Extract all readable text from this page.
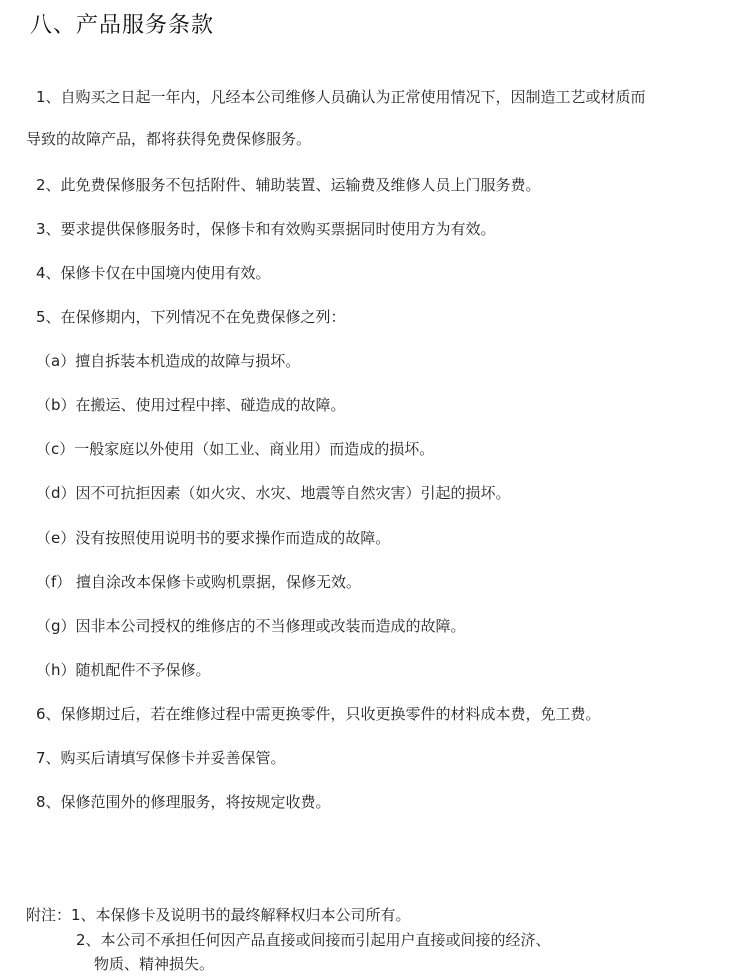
八、产品服务条款
1、自购买之日起一年内，凡经本公司维修人员确认为正常使用情况下，因制造工艺或材质而
导致的故障产品，都将获得免费保修服务。
2、此免费保修服务不包括附件、辅助装置、运输费及维修人员上门服务费。
3、要求提供保修服务时，保修卡和有效购买票据同时使用方为有效。
4、保修卡仅在中国境内使用有效。
5、在保修期内，下列情况不在免费保修之列：
（a）擅自拆装本机造成的故障与损坏。
（b）在搬运、使用过程中摔、碰造成的故障。
（c）一般家庭以外使用（如工业、商业用）而造成的损坏。
（d）因不可抗拒因素（如火灾、水灾、地震等自然灾害）引起的损坏。
（e）没有按照使用说明书的要求操作而造成的故障。
（f） 擅自涂改本保修卡或购机票据，保修无效。
（g）因非本公司授权的维修店的不当修理或改装而造成的故障。
（h）随机配件不予保修。
6、保修期过后，若在维修过程中需更换零件，只收更换零件的材料成本费，免工费。
7、购买后请填写保修卡并妥善保管。
8、保修范围外的修理服务，将按规定收费。
附注：1、本保修卡及说明书的最终解释权归本公司所有。
2、本公司不承担任何因产品直接或间接而引起用户直接或间接的经济、
物质、精神损失。
